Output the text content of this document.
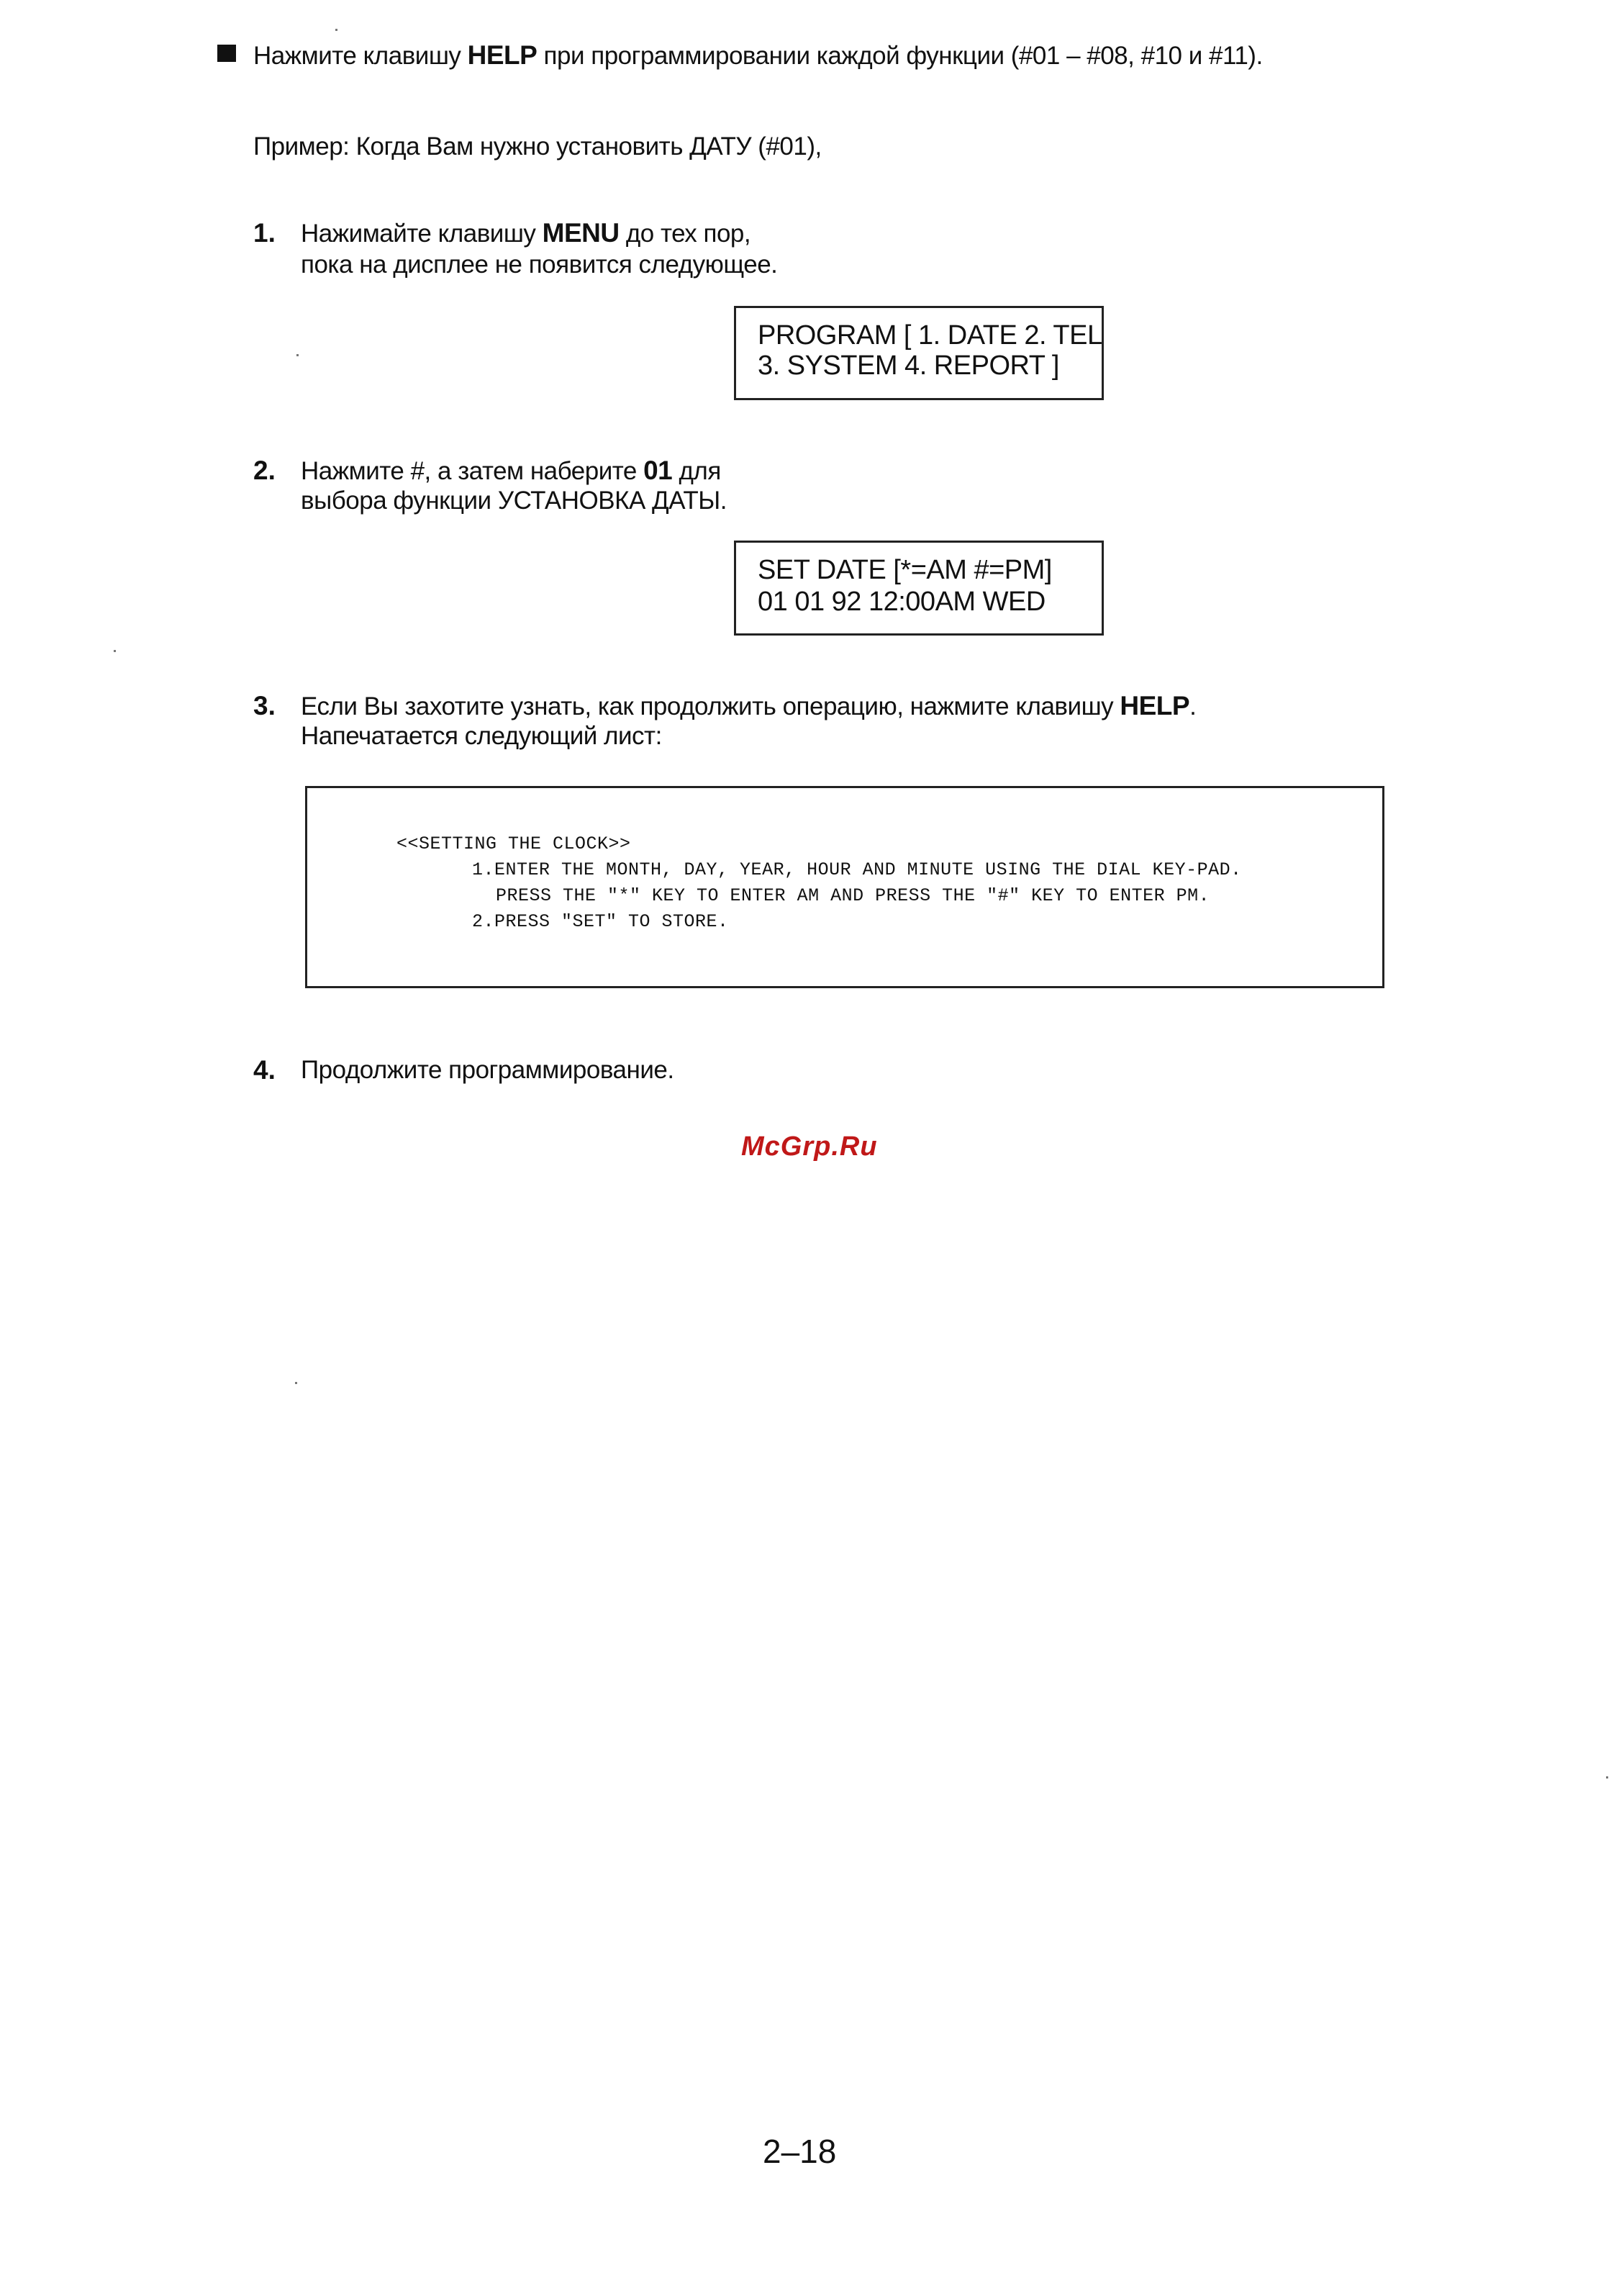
Нажмите клавишу HELP при программировании каждой функции (#01 – #08, #10 и #11).
Пример: Когда Вам нужно установить ДАТУ (#01),
1. Нажимайте клавишу MENU до тех пор,
пока на дисплее не появится следующее.
PROGRAM [ 1. DATE 2. TEL
3. SYSTEM 4. REPORT ]
2. Нажмите #, а затем наберите 01 для
выбора функции УСТАНОВКА ДАТЫ.
SET DATE [*=AM #=PM]
01 01 92 12:00AM WED
3. Если Вы захотите узнать, как продолжить операцию, нажмите клавишу HELP.
Напечатается следующий лист:
<<SETTING THE CLOCK>>
1.ENTER THE MONTH, DAY, YEAR, HOUR AND MINUTE USING THE DIAL KEY-PAD.
PRESS THE "*" KEY TO ENTER AM AND PRESS THE "#" KEY TO ENTER PM.
2.PRESS "SET" TO STORE.
4. Продолжите программирование.
McGrp.Ru
2–18
